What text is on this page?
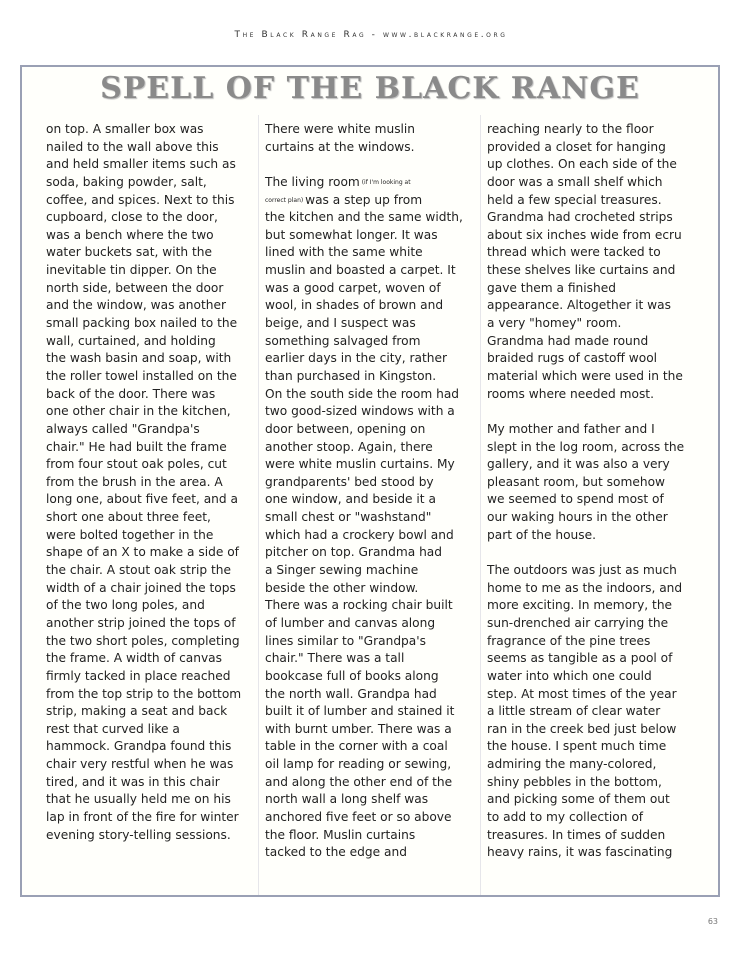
The Black Range Rag - www.blackrange.org
SPELL OF THE BLACK RANGE
on top. A smaller box was
nailed to the wall above this
and held smaller items such as
soda, baking powder, salt,
coffee, and spices. Next to this
cupboard, close to the door,
was a bench where the two
water buckets sat, with the
inevitable tin dipper. On the
north side, between the door
and the window, was another
small packing box nailed to the
wall, curtained, and holding
the wash basin and soap, with
the roller towel installed on the
back of the door. There was
one other chair in the kitchen,
always called "Grandpa's
chair." He had built the frame
from four stout oak poles, cut
from the brush in the area. A
long one, about five feet, and a
short one about three feet,
were bolted together in the
shape of an X to make a side of
the chair. A stout oak strip the
width of a chair joined the tops
of the two long poles, and
another strip joined the tops of
the two short poles, completing
the frame. A width of canvas
firmly tacked in place reached
from the top strip to the bottom
strip, making a seat and back
rest that curved like a
hammock. Grandpa found this
chair very restful when he was
tired, and it was in this chair
that he usually held me on his
lap in front of the fire for winter
evening story-telling sessions.
There were white muslin
curtains at the windows.
The living room $^{(if I'm looking at}$
$^{correct plan)}$ was a step up from
the kitchen and the same width,
but somewhat longer. It was
lined with the same white
muslin and boasted a carpet. It
was a good carpet, woven of
wool, in shades of brown and
beige, and I suspect was
something salvaged from
earlier days in the city, rather
than purchased in Kingston.
On the south side the room had
two good-sized windows with a
door between, opening on
another stoop. Again, there
were white muslin curtains. My
grandparents' bed stood by
one window, and beside it a
small chest or "washstand"
which had a crockery bowl and
pitcher on top. Grandma had
a Singer sewing machine
beside the other window.
There was a rocking chair built
of lumber and canvas along
lines similar to "Grandpa's
chair." There was a tall
bookcase full of books along
the north wall. Grandpa had
built it of lumber and stained it
with burnt umber. There was a
table in the corner with a coal
oil lamp for reading or sewing,
and along the other end of the
north wall a long shelf was
anchored five feet or so above
the floor. Muslin curtains
tacked to the edge and
reaching nearly to the floor
provided a closet for hanging
up clothes. On each side of the
door was a small shelf which
held a few special treasures.
Grandma had crocheted strips
about six inches wide from ecru
thread which were tacked to
these shelves like curtains and
gave them a finished
appearance. Altogether it was
a very "homey" room.
Grandma had made round
braided rugs of castoff wool
material which were used in the
rooms where needed most.
My mother and father and I
slept in the log room, across the
gallery, and it was also a very
pleasant room, but somehow
we seemed to spend most of
our waking hours in the other
part of the house.
The outdoors was just as much
home to me as the indoors, and
more exciting. In memory, the
sun-drenched air carrying the
fragrance of the pine trees
seems as tangible as a pool of
water into which one could
step. At most times of the year
a little stream of clear water
ran in the creek bed just below
the house. I spent much time
admiring the many-colored,
shiny pebbles in the bottom,
and picking some of them out
to add to my collection of
treasures. In times of sudden
heavy rains, it was fascinating
63
